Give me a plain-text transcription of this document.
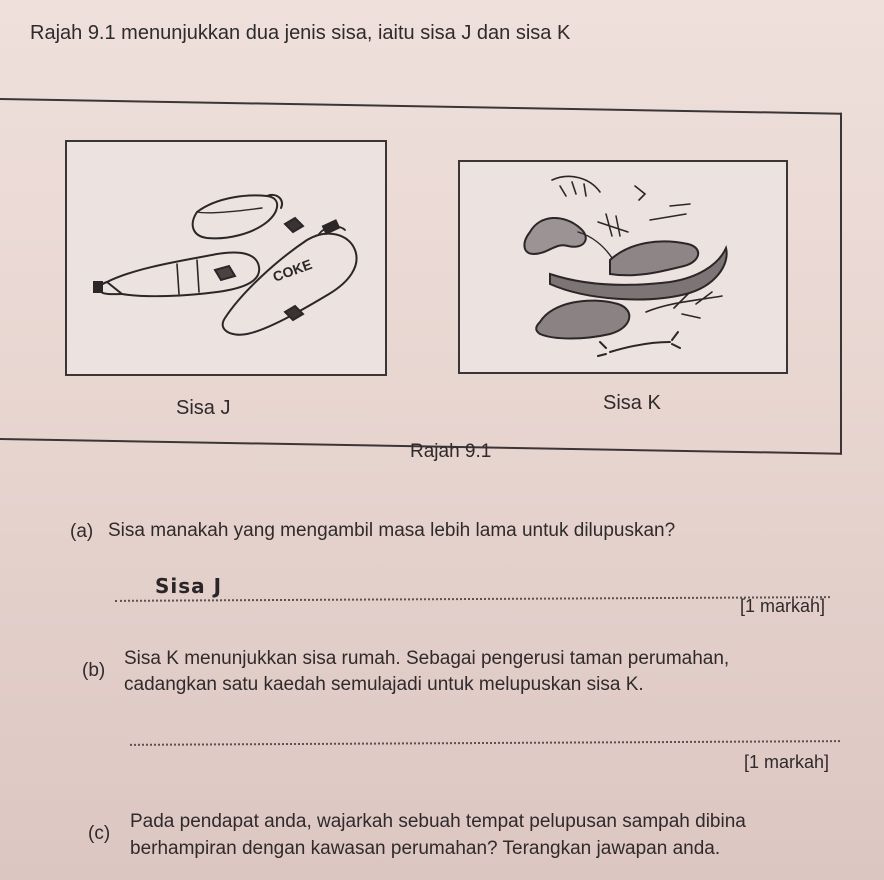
Rajah 9.1 menunjukkan dua jenis sisa, iaitu sisa J dan sisa K
COKE
Sisa J	Sisa K
Rajah 9.1
(a) Sisa manakah yang mengambil masa lebih lama untuk dilupuskan?
Sisa J
[1 markah]
(b)
Sisa K menunjukkan sisa rumah. Sebagai pengerusi taman perumahan,
cadangkan satu kaedah semulajadi untuk melupuskan sisa K.
[1 markah]
(c)
Pada pendapat anda, wajarkah sebuah tempat pelupusan sampah dibina
berhampiran dengan kawasan perumahan? Terangkan jawapan anda.
